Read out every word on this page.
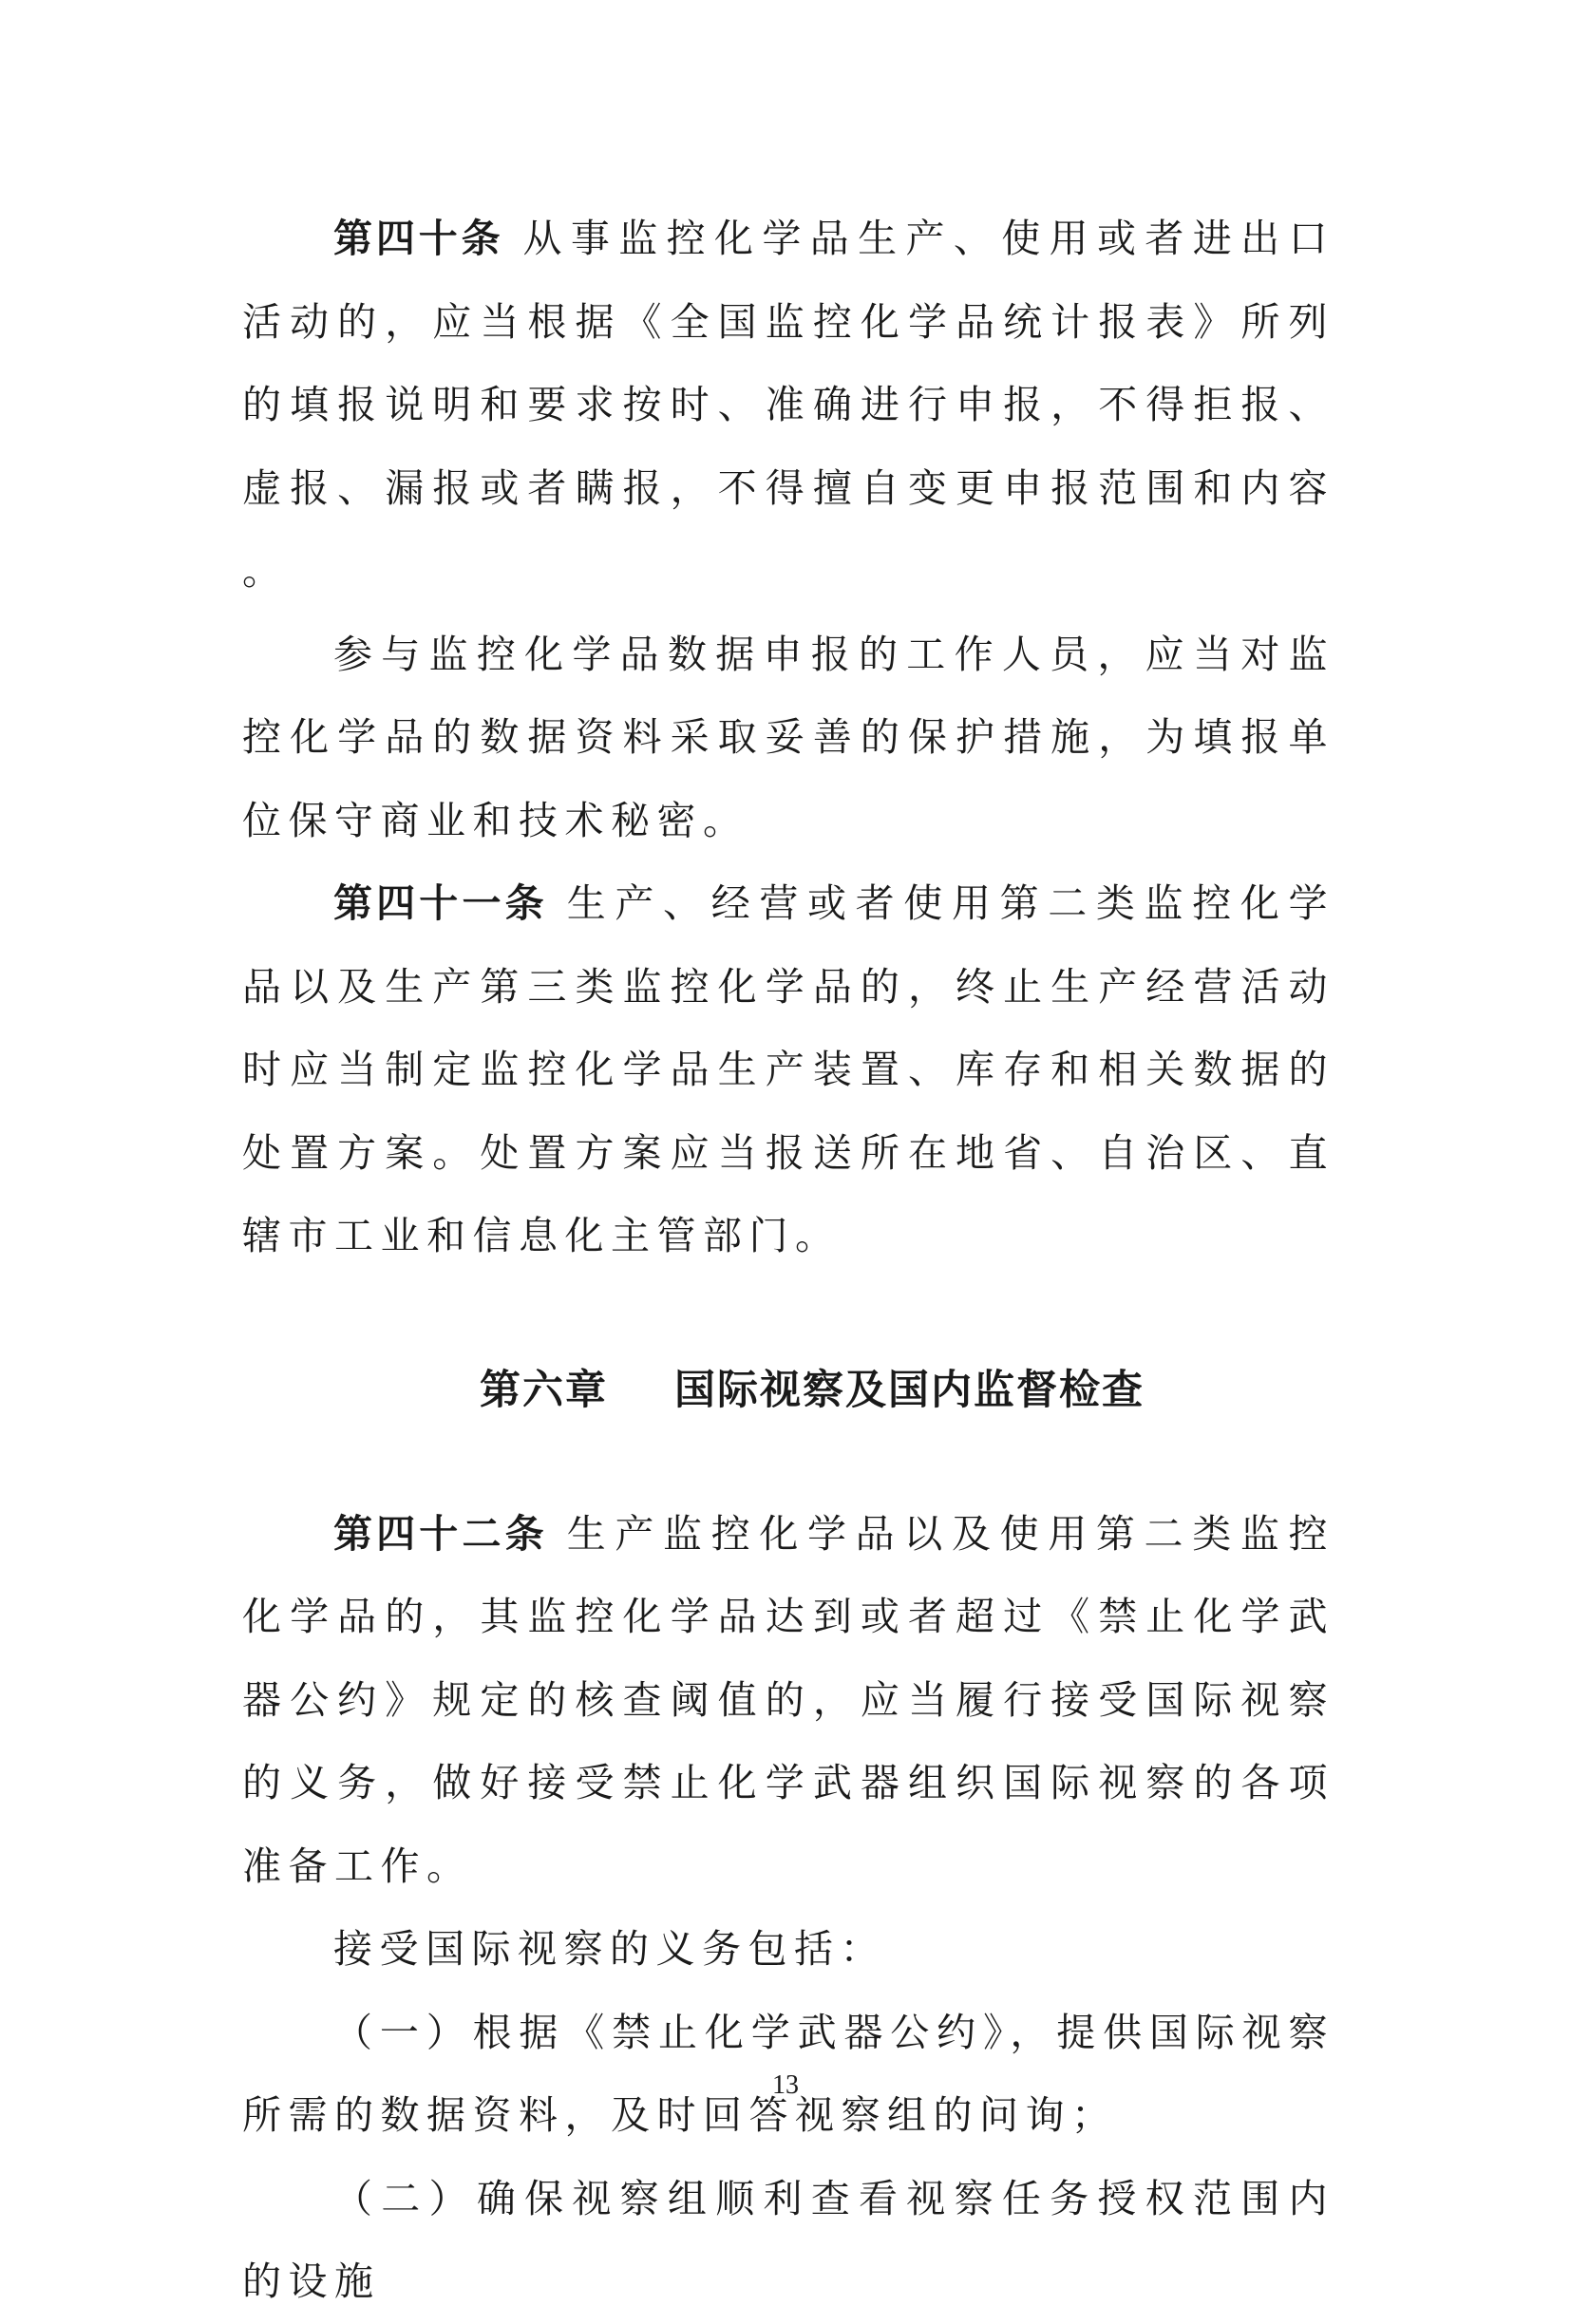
第四十条 从事监控化学品生产、使用或者进出口活动的，应当根据《全国监控化学品统计报表》所列的填报说明和要求按时、准确进行申报，不得拒报、虚报、漏报或者瞒报，不得擅自变更申报范围和内容。

参与监控化学品数据申报的工作人员，应当对监控化学品的数据资料采取妥善的保护措施，为填报单位保守商业和技术秘密。

第四十一条 生产、经营或者使用第二类监控化学品以及生产第三类监控化学品的，终止生产经营活动时应当制定监控化学品生产装置、库存和相关数据的处置方案。处置方案应当报送所在地省、自治区、直辖市工业和信息化主管部门。

第六章 国际视察及国内监督检查

第四十二条 生产监控化学品以及使用第二类监控化学品的，其监控化学品达到或者超过《禁止化学武器公约》规定的核查阈值的，应当履行接受国际视察的义务，做好接受禁止化学武器组织国际视察的各项准备工作。

接受国际视察的义务包括：

（一）根据《禁止化学武器公约》，提供国际视察所需的数据资料，及时回答视察组的问询；

（二）确保视察组顺利查看视察任务授权范围内的设施

13
